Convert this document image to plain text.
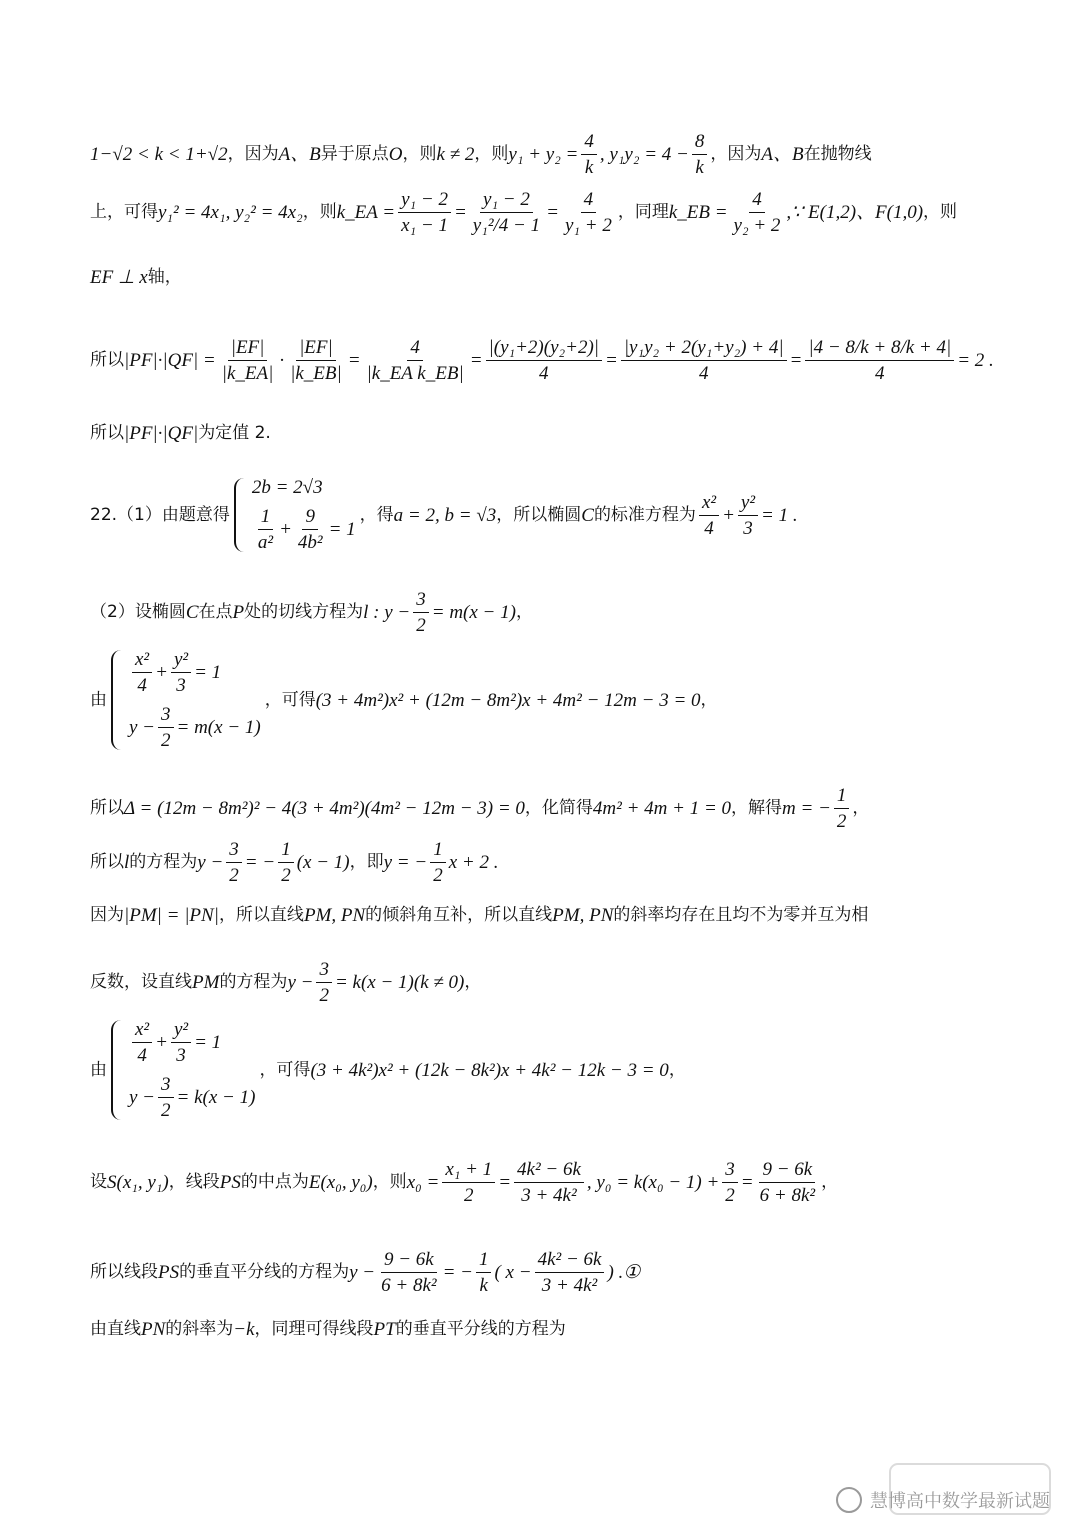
1−√2 < k < 1+√2 ，因为 A、B 异于原点 O ，则 k ≠ 2 ，则 $y_1 + y_2 = \frac{4}{k}$ , $y_1y_2 = 4 - \frac{8}{k}$ ，因为 A、B 在抛物线
上，可得 y₁² = 4x₁, y₂² = 4x₂ ，则 k_EA = $\frac{\text{y₁ − 2}}{\text{x₁ − 1}} = \frac{\text{y₁ − 2}}{\text{y₁²/4 − 1}} = \frac{4}{\text{y₁ + 2}}$ ，同理 k_EB = $\frac{4}{\text{y₂ + 2}}$ ,∵ E(1,2)、F(1,0) ，则
EF ⊥ x 轴，
所以 $|PF|\cdot|QF| = \frac{|EF|}{|k\_EA|} \cdot \frac{|EF|}{|k\_EB|} = \frac{4}{\text{|k\_EA k\_EB|}} = \frac{\text{|(y₁+2)(y₂+2)|}}{4} = \frac{\text{|y₁y₂ + 2(y₁+y₂) + 4|}}{4} = \frac{|4 - 8/k + 8/k + 4|}{4} = 2$ .
所以 |PF|·|QF| 为定值 2.
22.（1）由题意得
2b = 2√3
$\frac{1}{\text{a²}} + \frac{9}{\text{4b²}} = 1$
，得 a = 2, b = √3 ，所以椭圆 C 的标准方程为 $\frac{\text{x²}}{4} + \frac{\text{y²}}{3} = 1$ .
（2）设椭圆 C 在点 P 处的切线方程为 l : $y - \frac{3}{2} = m(x - 1)$ ，
由
$\frac{\text{x²}}{4} + \frac{\text{y²}}{3} = 1$
$y - \frac{3}{2} = m(x - 1)$
，可得 (3 + 4m²)x² + (12m − 8m²)x + 4m² − 12m − 3 = 0 ，
所以 Δ = (12m − 8m²)² − 4(3 + 4m²)(4m² − 12m − 3) = 0 ，化简得 4m² + 4m + 1 = 0 ，解得 m = − $\frac{1}{2}$ ，
所以 l 的方程为 $y - \frac{3}{2}$ = − $\frac{1}{2} (x - 1)$ ，即 y = − $\frac{1}{2}$ x + 2 .
因为 |PM| = |PN| ，所以直线 PM, PN 的倾斜角互补，所以直线 PM, PN 的斜率均存在且均不为零并互为相
反数，设直线 PM 的方程为 $y - \frac{3}{2} = k(x - 1)(k \ne 0)$ ，
由
$\frac{\text{x²}}{4} + \frac{\text{y²}}{3} = 1$
$y - \frac{3}{2} = k(x - 1)$
，可得 (3 + 4k²)x² + (12k − 8k²)x + 4k² − 12k − 3 = 0 ，
设 S(x₁, y₁) ，线段 PS 的中点为 E(x₀, y₀) ，则 $x_0 = \frac{\text{x₁ + 1}}{2} = \frac{\text{4k² − 6k}}{\text{3 + 4k²}}$ , $y_0 = k(x_0 - 1) + \frac{3}{2} = \frac{9 - 6k}{\text{6 + 8k²}}$ ，
所以线段 PS 的垂直平分线的方程为 $y - \frac{9 - 6k}{\text{6 + 8k²}}$ = − $\frac{1}{k}$ ( $x - \frac{\text{4k² − 6k}}{\text{3 + 4k²}}$ ) .①
由直线 PN 的斜率为 −k ，同理可得线段 PT 的垂直平分线的方程为
慧博高中数学最新试题
